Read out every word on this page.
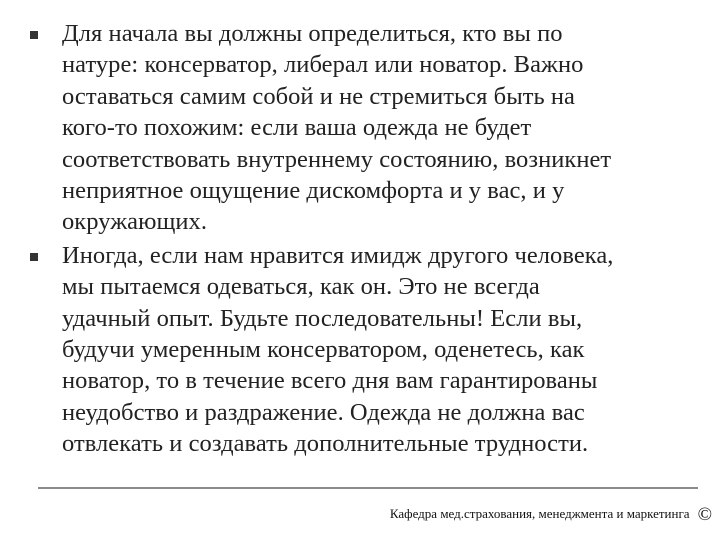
Для начала вы должны определиться, кто вы по
натуре: консерватор, либерал или новатор. Важно
оставаться самим собой и не стремиться быть на
кого-то похожим: если ваша одежда не будет
соответствовать внутреннему состоянию, возникнет
неприятное ощущение дискомфорта и у вас, и у
окружающих.
Иногда, если нам нравится имидж другого человека,
мы пытаемся одеваться, как он. Это не всегда
удачный опыт. Будьте последовательны! Если вы,
будучи умеренным консерватором, оденетесь, как
новатор, то в течение всего дня вам гарантированы
неудобство и раздражение. Одежда не должна вас
отвлекать и создавать дополнительные трудности.
Кафедра мед.страхования, менеджмента и маркетинга ©
